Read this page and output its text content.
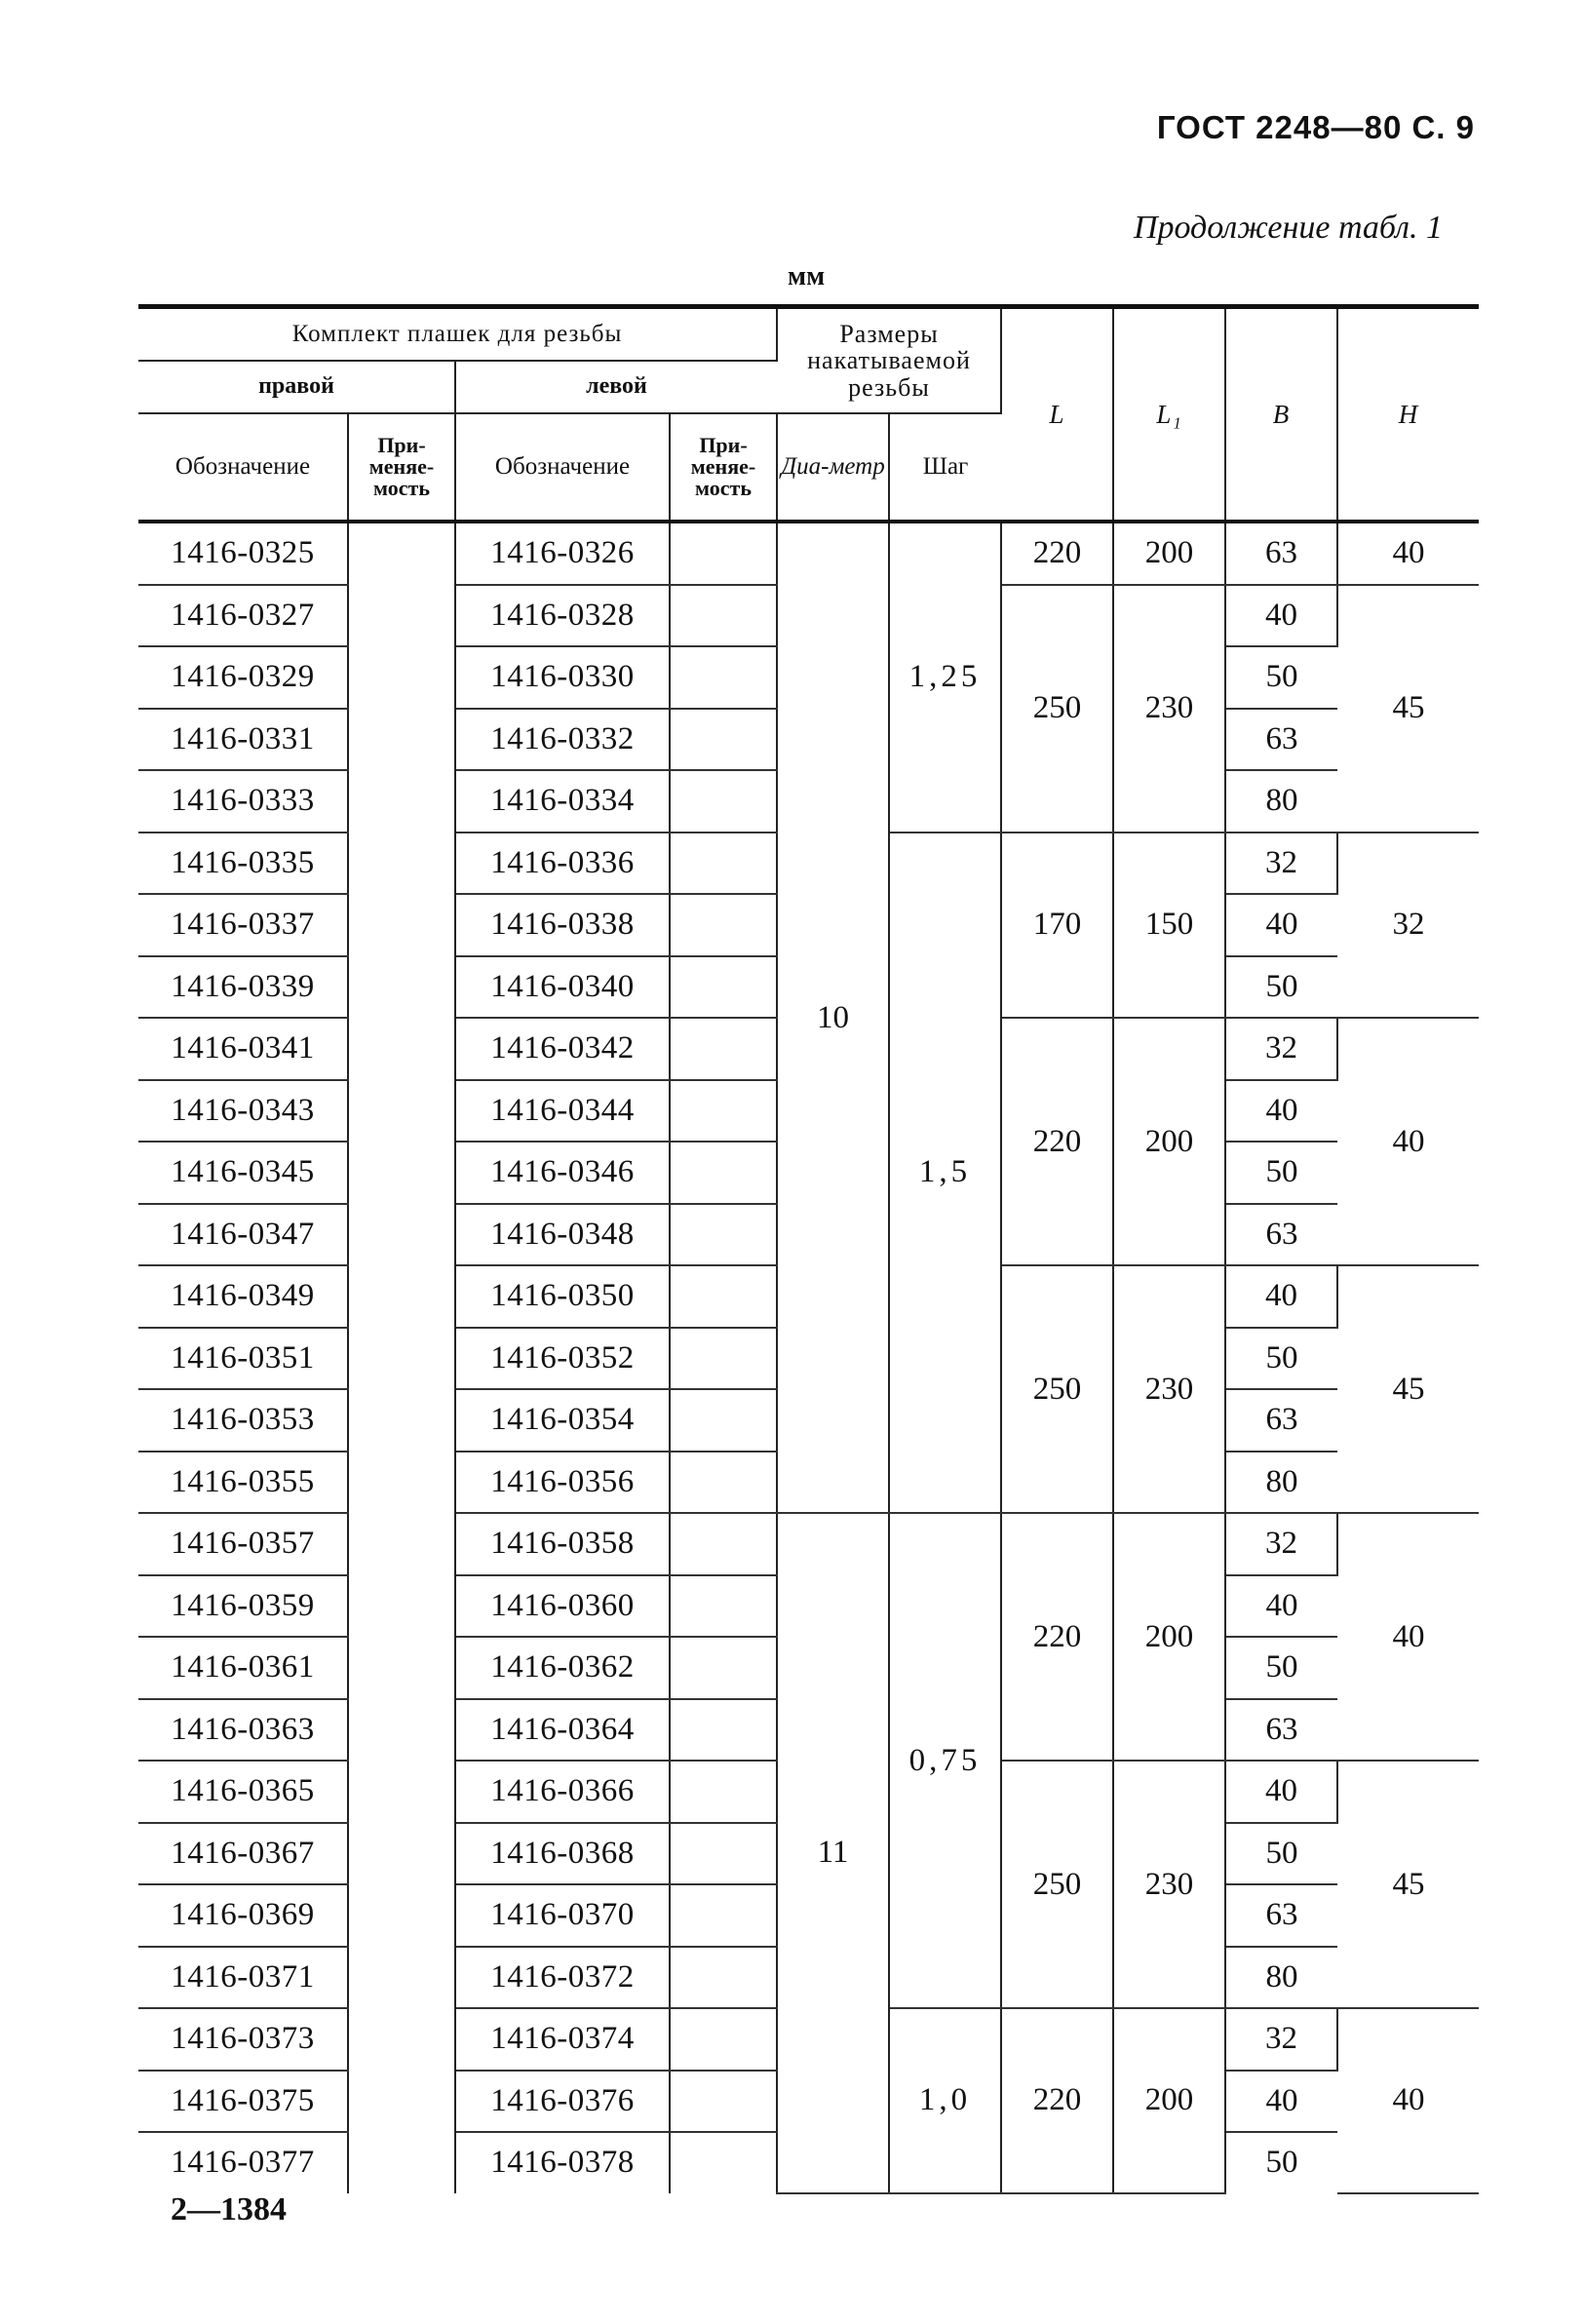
ГОСТ 2248—80 С. 9
Продолжение табл. 1
мм
Комплект плашек для резьбы				Размеры накатываемой резьбы		L	L₁	B	H
правой		левой							
Обозначение	При-меняе-мость	Обозначение	При-меняе-мость	Диа-метр	Шаг				
1416-0325		1416-0326		10	1,25	220	200	63	40
1416-0327		1416-0328				250	230	40	45
1416-0329		1416-0330						50	
1416-0331		1416-0332						63	
1416-0333		1416-0334						80	
1416-0335		1416-0336			1,5	170	150	32	32
1416-0337		1416-0338						40	
1416-0339		1416-0340						50	
1416-0341		1416-0342				220	200	32	40
1416-0343		1416-0344						40	
1416-0345		1416-0346						50	
1416-0347		1416-0348						63	
1416-0349		1416-0350				250	230	40	45
1416-0351		1416-0352						50	
1416-0353		1416-0354						63	
1416-0355		1416-0356						80	
1416-0357		1416-0358		11	0,75	220	200	32	40
1416-0359		1416-0360						40	
1416-0361		1416-0362						50	
1416-0363		1416-0364						63	
1416-0365		1416-0366				250	230	40	45
1416-0367		1416-0368						50	
1416-0369		1416-0370						63	
1416-0371		1416-0372						80	
1416-0373		1416-0374			1,0	220	200	32	40
1416-0375		1416-0376						40	
1416-0377		1416-0378						50	
2—1384
